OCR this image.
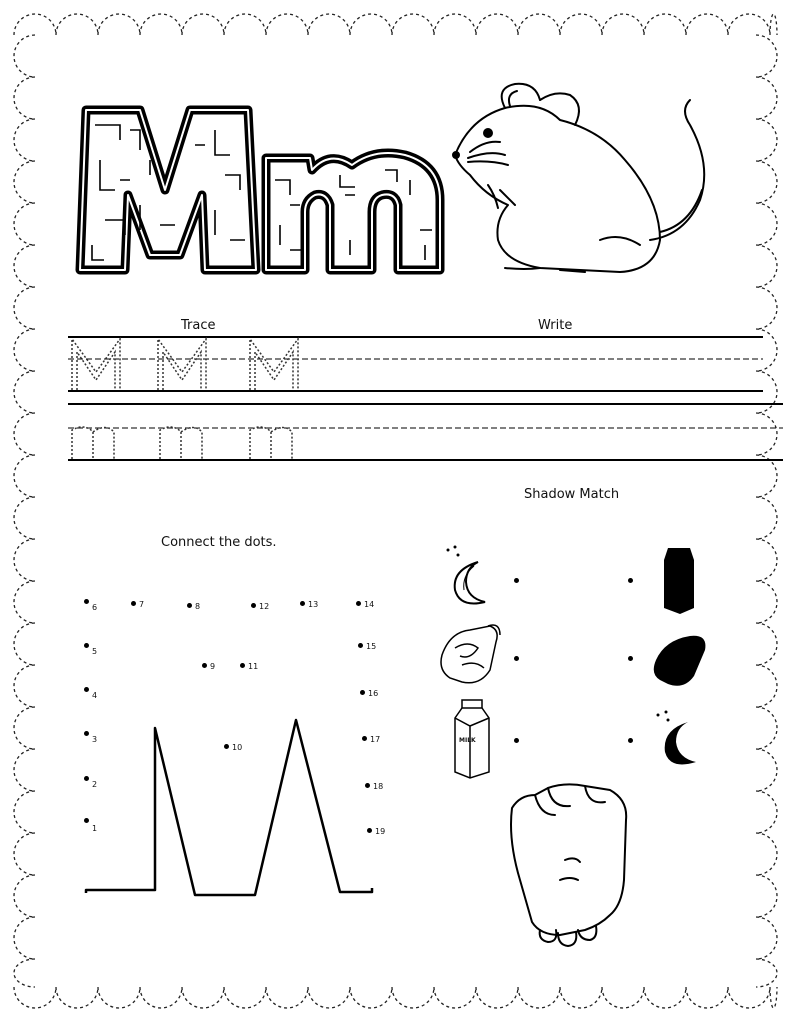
Trace	Write
Shadow Match
Connect the dots.
MILK
1
2
3
4
5
6	7	8
9
10
11
12	13	14
15
16
17
18
19
